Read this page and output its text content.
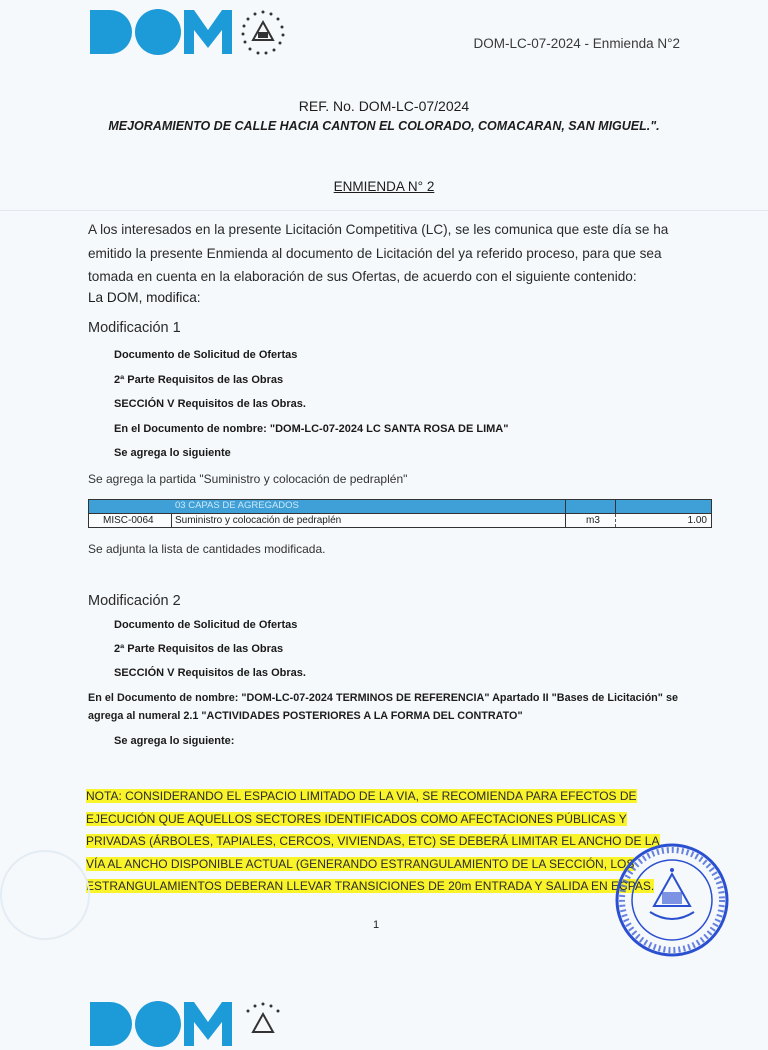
DOM-LC-07-2024 - Enmienda N°2
REF. No. DOM-LC-07/2024
MEJORAMIENTO DE CALLE HACIA CANTON EL COLORADO, COMACARAN, SAN MIGUEL.".
ENMIENDA N° 2
A los interesados en la presente Licitación Competitiva (LC), se les comunica que este día se ha
emitido la presente Enmienda al documento de Licitación del ya referido proceso, para que sea
tomada en cuenta en la elaboración de sus Ofertas, de acuerdo con el siguiente contenido:
La DOM, modifica:
Modificación 1
Documento de Solicitud de Ofertas
2ª Parte Requisitos de las Obras
SECCIÓN V Requisitos de las Obras.
En el Documento de nombre: "DOM-LC-07-2024 LC SANTA ROSA DE LIMA"
Se agrega lo siguiente
Se agrega la partida "Suministro y colocación de pedraplén"
03 CAPAS DE AGREGADOS
MISC-0064 Suministro y colocación de pedraplén	m3	1.00
Se adjunta la lista de cantidades modificada.
Modificación 2
Documento de Solicitud de Ofertas
2ª Parte Requisitos de las Obras
SECCIÓN V Requisitos de las Obras.
En el Documento de nombre: "DOM-LC-07-2024 TERMINOS DE REFERENCIA" Apartado II "Bases de Licitación" se agrega al numeral 2.1 "ACTIVIDADES POSTERIORES A LA FORMA DEL CONTRATO"
Se agrega lo siguiente:
NOTA: CONSIDERANDO EL ESPACIO LIMITADO DE LA VIA, SE RECOMIENDA PARA EFECTOS DE
EJECUCIÓN QUE AQUELLOS SECTORES IDENTIFICADOS COMO AFECTACIONES PÚBLICAS Y
PRIVADAS (ÁRBOLES, TAPIALES, CERCOS, VIVIENDAS, ETC) SE DEBERÁ LIMITAR EL ANCHO DE LA
VÍA AL ANCHO DISPONIBLE ACTUAL (GENERANDO ESTRANGULAMIENTO DE LA SECCIÓN, LOS
ESTRANGULAMIENTOS DEBERAN LLEVAR TRANSICIONES DE 20m ENTRADA Y SALIDA EN ECPAS.
1
